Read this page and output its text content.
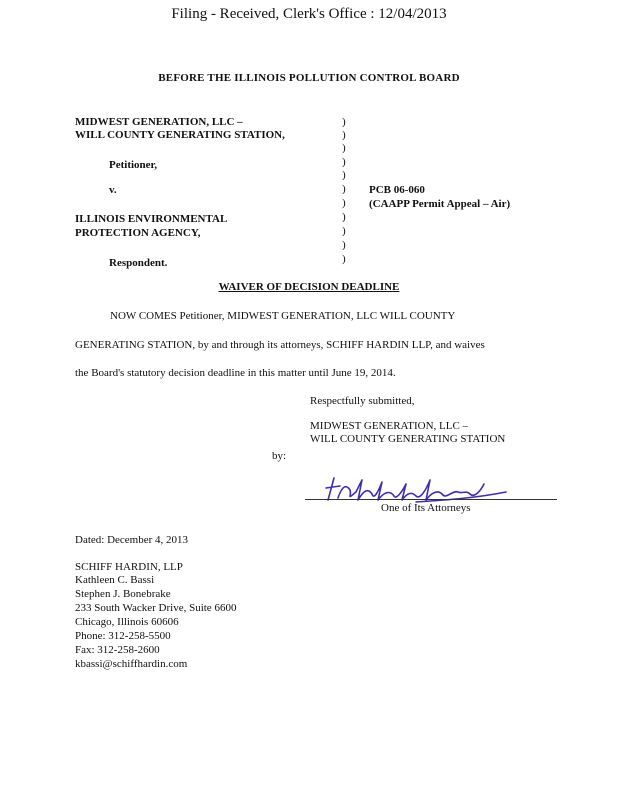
Filing - Received, Clerk's Office : 12/04/2013
BEFORE THE ILLINOIS POLLUTION CONTROL BOARD
MIDWEST GENERATION, LLC –
WILL COUNTY GENERATING STATION,
Petitioner,
v.
ILLINOIS ENVIRONMENTAL
PROTECTION AGENCY,
Respondent.
)
)
)
)
)
)
)
)
)
)
)
PCB 06-060
(CAAPP Permit Appeal – Air)
WAIVER OF DECISION DEADLINE
NOW COMES Petitioner, MIDWEST GENERATION, LLC WILL COUNTY
GENERATING STATION, by and through its attorneys, SCHIFF HARDIN LLP, and waives
the Board's statutory decision deadline in this matter until June 19, 2014.
Respectfully submitted,
MIDWEST GENERATION, LLC –
WILL COUNTY GENERATING STATION
by:
One of Its Attorneys
Dated: December 4, 2013
SCHIFF HARDIN, LLP
Kathleen C. Bassi
Stephen J. Bonebrake
233 South Wacker Drive, Suite 6600
Chicago, Illinois 60606
Phone: 312-258-5500
Fax: 312-258-2600
kbassi@schiffhardin.com
